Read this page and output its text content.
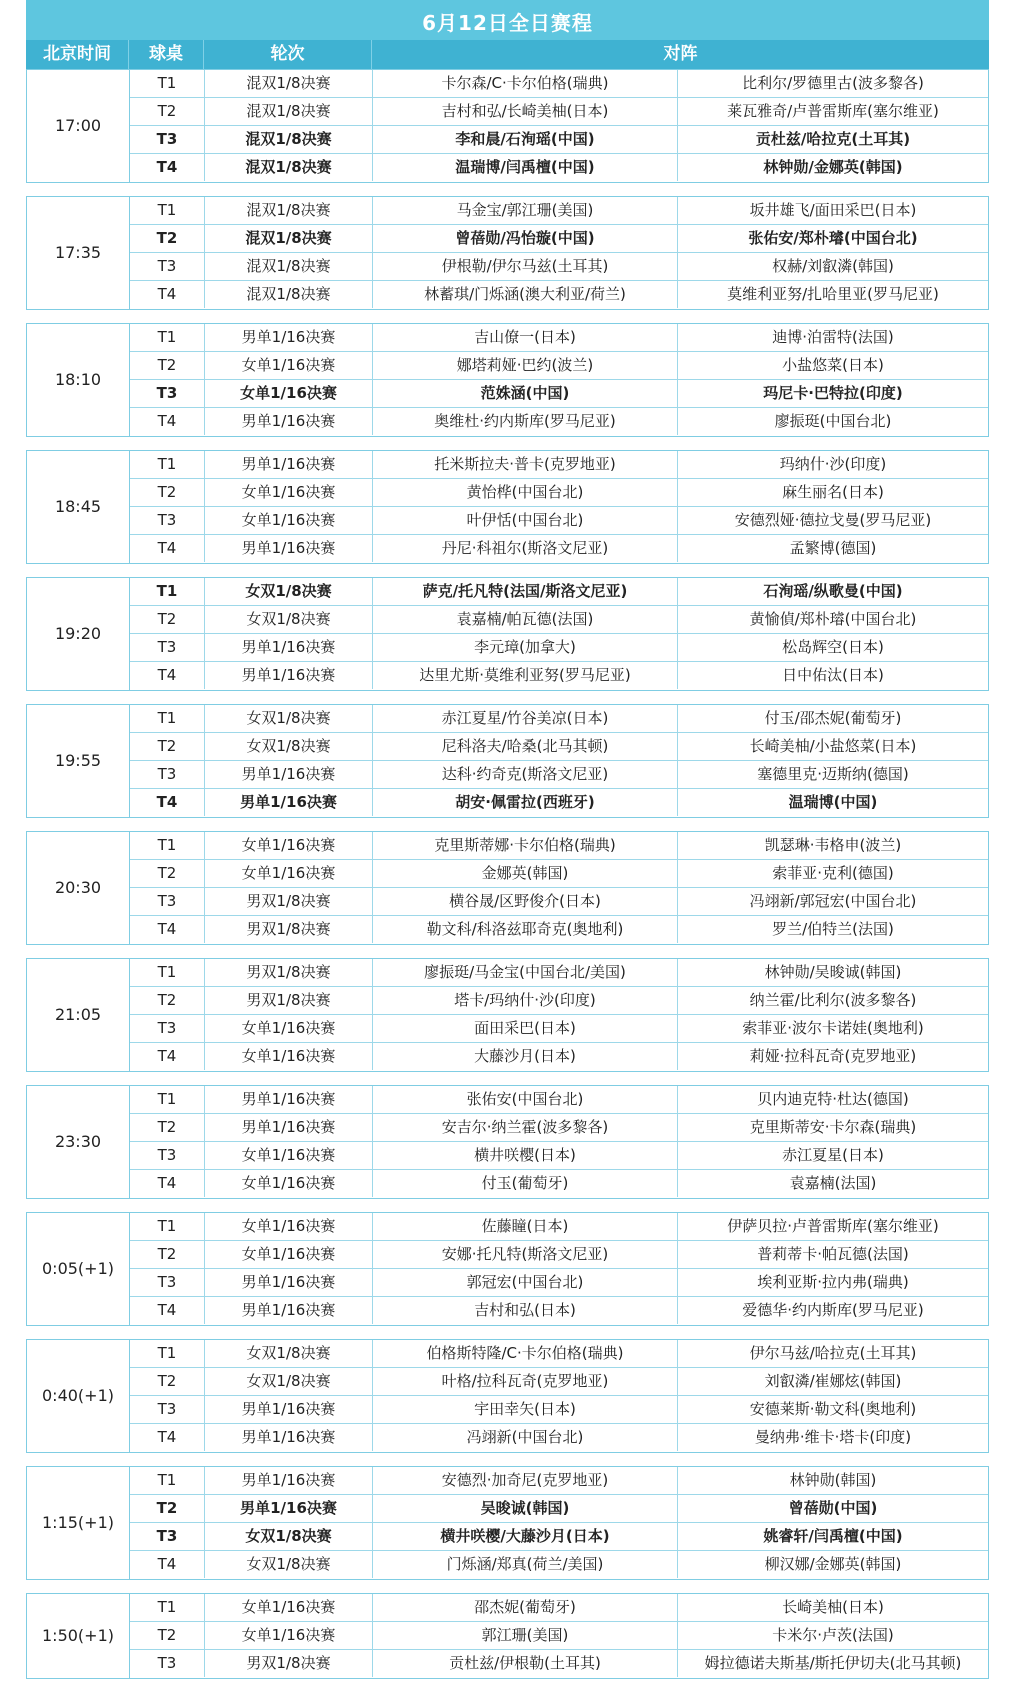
6月12日全日赛程
北京时间	球桌	轮次	对阵
17:00
T1	混双1/8决赛	卡尔森/C·卡尔伯格(瑞典)	比利尔/罗德里古(波多黎各)
T2	混双1/8决赛	吉村和弘/长崎美柚(日本)	莱瓦雅奇/卢普雷斯库(塞尔维亚)
T3	混双1/8决赛	李和晨/石洵瑶(中国)	贡杜兹/哈拉克(土耳其)
T4	混双1/8决赛	温瑞博/闫禹檀(中国)	林钟勋/金娜英(韩国)
17:35
T1	混双1/8决赛	马金宝/郭江珊(美国)	坂井雄飞/面田采巴(日本)
T2	混双1/8决赛	曾蓓勋/冯怡璇(中国)	张佑安/郑朴璿(中国台北)
T3	混双1/8决赛	伊根勒/伊尔马兹(土耳其)	权赫/刘叡潾(韩国)
T4	混双1/8决赛	林蓄琪/门烁涵(澳大利亚/荷兰)	莫维利亚努/扎哈里亚(罗马尼亚)
18:10
T1	男单1/16决赛	吉山僚一(日本)	迪博·泊雷特(法国)
T2	女单1/16决赛	娜塔莉娅·巴约(波兰)	小盐悠菜(日本)
T3	女单1/16决赛	范姝涵(中国)	玛尼卡·巴特拉(印度)
T4	男单1/16决赛	奥维杜·约内斯库(罗马尼亚)	廖振珽(中国台北)
18:45
T1	男单1/16决赛	托米斯拉夫·普卡(克罗地亚)	玛纳什·沙(印度)
T2	女单1/16决赛	黄怡桦(中国台北)	麻生丽名(日本)
T3	女单1/16决赛	叶伊恬(中国台北)	安德烈娅·德拉戈曼(罗马尼亚)
T4	男单1/16决赛	丹尼·科祖尔(斯洛文尼亚)	孟繁博(德国)
19:20
T1	女双1/8决赛	萨克/托凡特(法国/斯洛文尼亚)	石洵瑶/纵歌曼(中国)
T2	女双1/8决赛	袁嘉楠/帕瓦德(法国)	黄愉偵/郑朴璿(中国台北)
T3	男单1/16决赛	李元璋(加拿大)	松岛辉空(日本)
T4	男单1/16决赛	达里尤斯·莫维利亚努(罗马尼亚)	日中佑汰(日本)
19:55
T1	女双1/8决赛	赤江夏星/竹谷美凉(日本)	付玉/邵杰妮(葡萄牙)
T2	女双1/8决赛	尼科洛夫/哈桑(北马其顿)	长崎美柚/小盐悠菜(日本)
T3	男单1/16决赛	达科·约奇克(斯洛文尼亚)	塞德里克·迈斯纳(德国)
T4	男单1/16决赛	胡安·佩雷拉(西班牙)	温瑞博(中国)
20:30
T1	女单1/16决赛	克里斯蒂娜·卡尔伯格(瑞典)	凯瑟琳·韦格申(波兰)
T2	女单1/16决赛	金娜英(韩国)	索菲亚·克利(德国)
T3	男双1/8决赛	横谷晟/区野俊介(日本)	冯翊新/郭冠宏(中国台北)
T4	男双1/8决赛	勒文科/科洛兹耶奇克(奥地利)	罗兰/伯特兰(法国)
21:05
T1	男双1/8决赛	廖振珽/马金宝(中国台北/美国)	林钟勋/吴晙诚(韩国)
T2	男双1/8决赛	塔卡/玛纳什·沙(印度)	纳兰霍/比利尔(波多黎各)
T3	女单1/16决赛	面田采巴(日本)	索菲亚·波尔卡诺娃(奥地利)
T4	女单1/16决赛	大藤沙月(日本)	莉娅·拉科瓦奇(克罗地亚)
23:30
T1	男单1/16决赛	张佑安(中国台北)	贝内迪克特·杜达(德国)
T2	男单1/16决赛	安吉尔·纳兰霍(波多黎各)	克里斯蒂安·卡尔森(瑞典)
T3	女单1/16决赛	横井咲樱(日本)	赤江夏星(日本)
T4	女单1/16决赛	付玉(葡萄牙)	袁嘉楠(法国)
0:05(+1)
T1	女单1/16决赛	佐藤瞳(日本)	伊萨贝拉·卢普雷斯库(塞尔维亚)
T2	女单1/16决赛	安娜·托凡特(斯洛文尼亚)	普莉蒂卡·帕瓦德(法国)
T3	男单1/16决赛	郭冠宏(中国台北)	埃利亚斯·拉内弗(瑞典)
T4	男单1/16决赛	吉村和弘(日本)	爱德华·约内斯库(罗马尼亚)
0:40(+1)
T1	女双1/8决赛	伯格斯特隆/C·卡尔伯格(瑞典)	伊尔马兹/哈拉克(土耳其)
T2	女双1/8决赛	叶格/拉科瓦奇(克罗地亚)	刘叡潾/崔娜炫(韩国)
T3	男单1/16决赛	宇田幸矢(日本)	安德莱斯·勒文科(奥地利)
T4	男单1/16决赛	冯翊新(中国台北)	曼纳弗·维卡·塔卡(印度)
1:15(+1)
T1	男单1/16决赛	安德烈·加奇尼(克罗地亚)	林钟勋(韩国)
T2	男单1/16决赛	吴晙诚(韩国)	曾蓓勋(中国)
T3	女双1/8决赛	横井咲樱/大藤沙月(日本)	姚睿轩/闫禹檀(中国)
T4	女双1/8决赛	门烁涵/郑真(荷兰/美国)	柳汉娜/金娜英(韩国)
1:50(+1)
T1	女单1/16决赛	邵杰妮(葡萄牙)	长崎美柚(日本)
T2	女单1/16决赛	郭江珊(美国)	卡米尔·卢茨(法国)
T3	男双1/8决赛	贡杜兹/伊根勒(土耳其)	姆拉德诺夫斯基/斯托伊切夫(北马其顿)
